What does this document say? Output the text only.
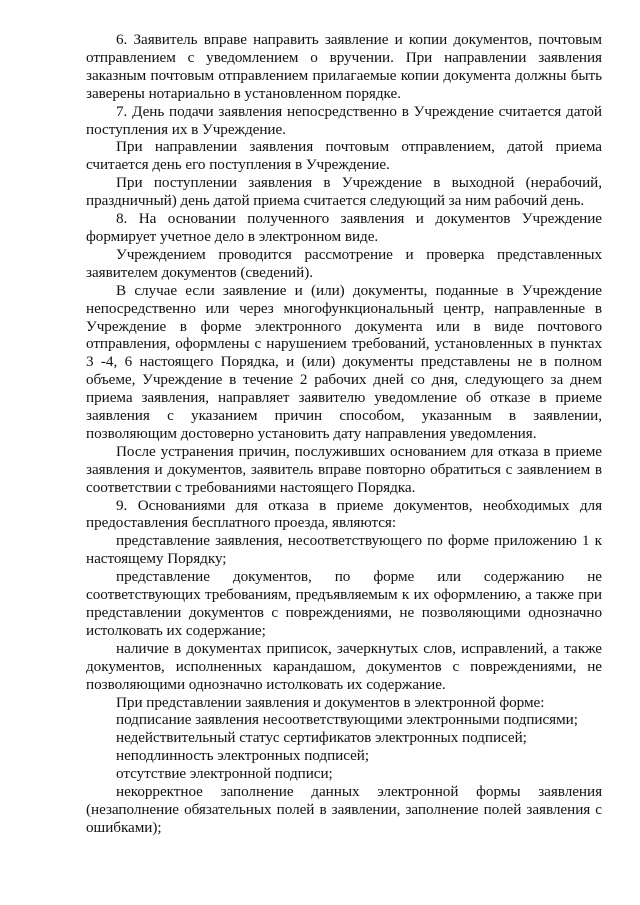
6. Заявитель вправе направить заявление и копии документов, почтовым отправлением с уведомлением о вручении. При направлении заявления заказным почтовым отправлением прилагаемые копии документа должны быть заверены нотариально в установленном порядке.

7. День подачи заявления непосредственно в Учреждение считается датой поступления их в Учреждение.

При направлении заявления почтовым отправлением, датой приема считается день его поступления в Учреждение.

При поступлении заявления в Учреждение в выходной (нерабочий, праздничный) день датой приема считается следующий за ним рабочий день.

8. На основании полученного заявления и документов Учреждение формирует учетное дело в электронном виде.

Учреждением проводится рассмотрение и проверка представленных заявителем документов (сведений).

В случае если заявление и (или) документы, поданные в Учреждение непосредственно или через многофункциональный центр, направленные в Учреждение в форме электронного документа или в виде почтового отправления, оформлены с нарушением требований, установленных в пунктах 3 -4, 6 настоящего Порядка, и (или) документы представлены не в полном объеме, Учреждение в течение 2 рабочих дней со дня, следующего за днем приема заявления, направляет заявителю уведомление об отказе в приеме заявления с указанием причин способом, указанным в заявлении, позволяющим достоверно установить дату направления уведомления.

После устранения причин, послуживших основанием для отказа в приеме заявления и документов, заявитель вправе повторно обратиться с заявлением в соответствии с требованиями настоящего Порядка.

9. Основаниями для отказа в приеме документов, необходимых для предоставления бесплатного проезда, являются:

представление заявления, несоответствующего по форме приложению 1 к настоящему Порядку;

представление документов, по форме или содержанию не соответствующих требованиям, предъявляемым к их оформлению, а также при представлении документов с повреждениями, не позволяющими однозначно истолковать их содержание;

наличие в документах приписок, зачеркнутых слов, исправлений, а также документов, исполненных карандашом, документов с повреждениями, не позволяющими однозначно истолковать их содержание.

При представлении заявления и документов в электронной форме:

подписание заявления несоответствующими электронными подписями;

недействительный статус сертификатов электронных подписей;

неподлинность электронных подписей;

отсутствие электронной подписи;

некорректное заполнение данных электронной формы заявления (незаполнение обязательных полей в заявлении, заполнение полей заявления с ошибками);
